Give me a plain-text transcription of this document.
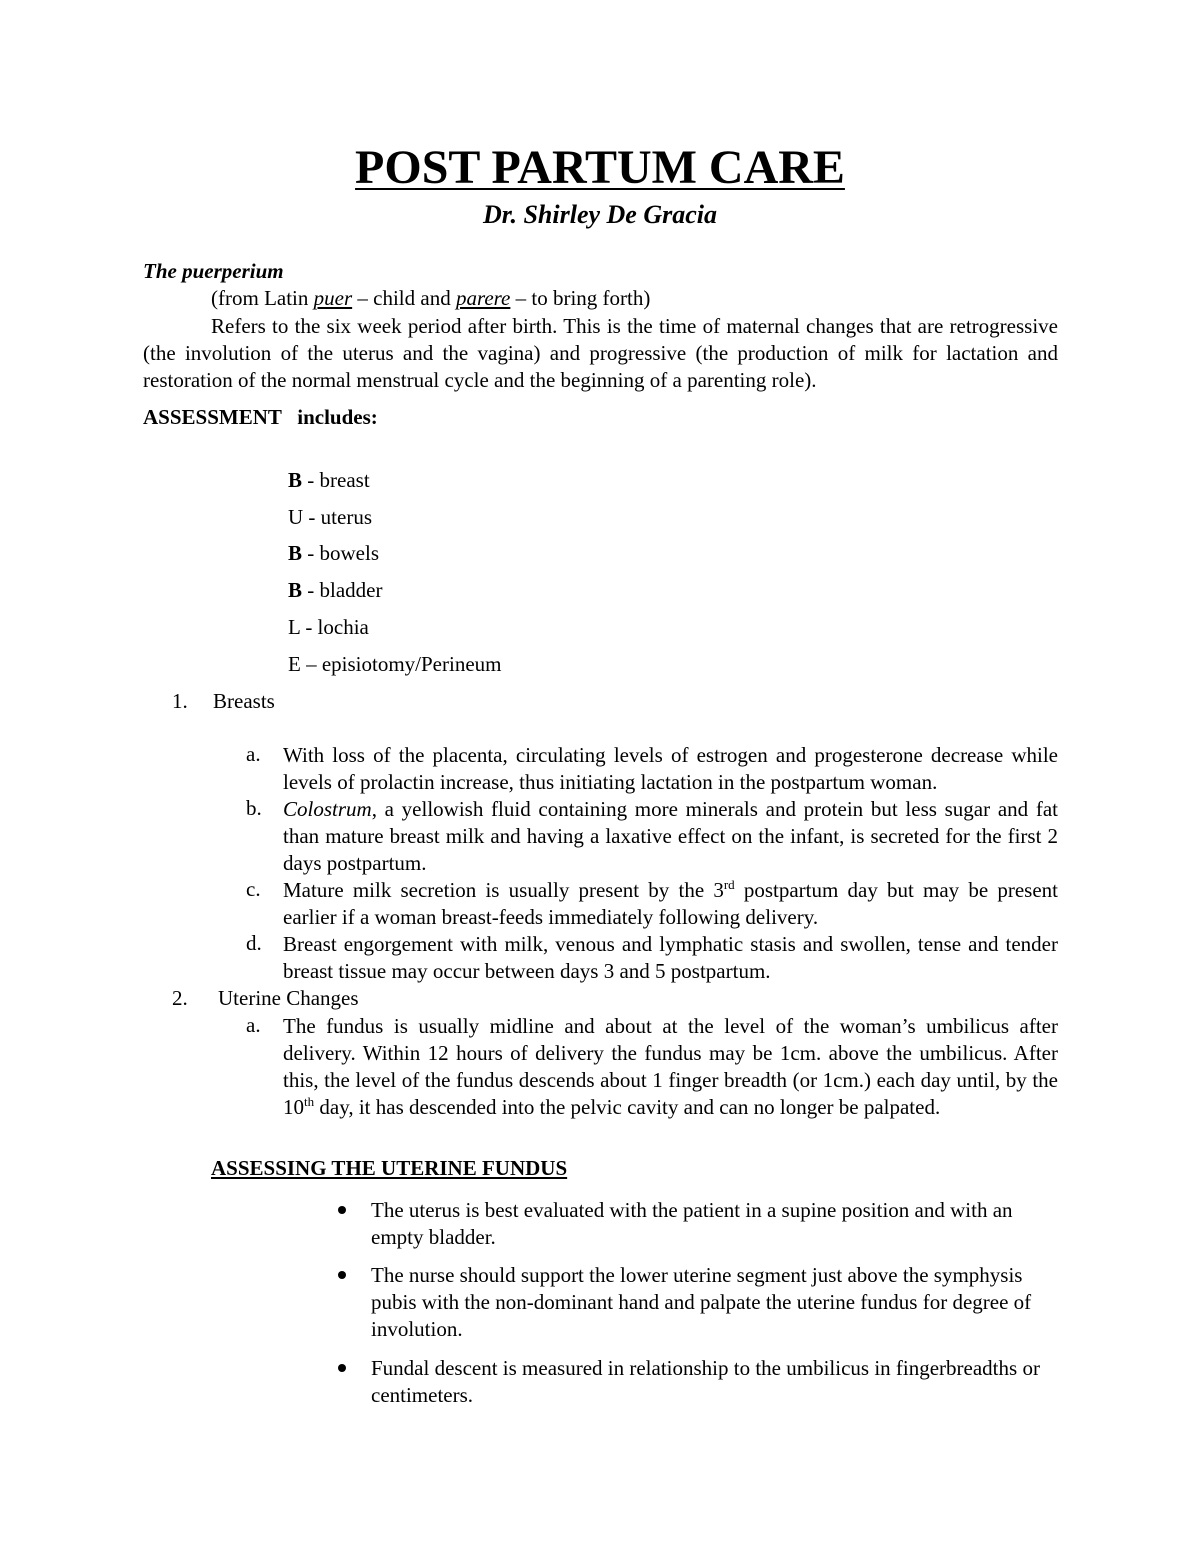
POST PARTUM CARE
Dr. Shirley De Gracia
The puerperium
(from Latin puer – child and parere – to bring forth)
Refers to the six week period after birth. This is the time of maternal changes that are retrogressive (the involution of the uterus and the vagina) and progressive (the production of milk for lactation and restoration of the normal menstrual cycle and the beginning of a parenting role).
ASSESSMENT   includes:
B - breast
U - uterus
B - bowels
B - bladder
L - lochia
E – episiotomy/Perineum
1. Breasts
a. With loss of the placenta, circulating levels of estrogen and progesterone decrease while levels of prolactin increase, thus initiating lactation in the postpartum woman.
b. Colostrum, a yellowish fluid containing more minerals and protein but less sugar and fat than mature breast milk and having a laxative effect on the infant, is secreted for the first 2 days postpartum.
c. Mature milk secretion is usually present by the 3rd postpartum day but may be present earlier if a woman breast-feeds immediately following delivery.
d. Breast engorgement with milk, venous and lymphatic stasis and swollen, tense and tender breast tissue may occur between days 3 and 5 postpartum.
2. Uterine Changes
a. The fundus is usually midline and about at the level of the woman’s umbilicus after delivery. Within 12 hours of delivery the fundus may be 1cm. above the umbilicus. After this, the level of the fundus descends about 1 finger breadth (or 1cm.) each day until, by the 10th day, it has descended into the pelvic cavity and can no longer be palpated.
ASSESSING THE UTERINE FUNDUS
The uterus is best evaluated with the patient in a supine position and with an empty bladder.
The nurse should support the lower uterine segment just above the symphysis pubis with the non-dominant hand and palpate the uterine fundus for degree of involution.
Fundal descent is measured in relationship to the umbilicus in fingerbreadths or centimeters.
